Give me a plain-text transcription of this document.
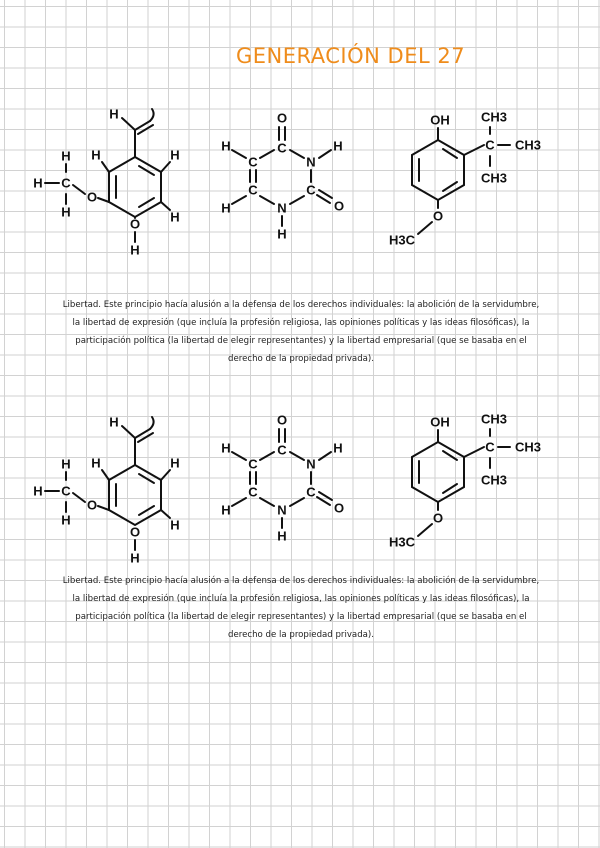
GENERACIÓN DEL 27
H
H	H
H
O
H
O
C
H
H
H
O
C
N
H
C
O
N
H
C
H
C
H
OH
C
CH3
CH3
CH3
O
H3C

Libertad. Este principio hacía alusión a la defensa de los derechos individuales: la abolición de la servidumbre, la libertad de expresión (que incluía la profesión religiosa, las opiniones políticas y las ideas filosóficas), la participación política (la libertad de elegir representantes) y la libertad empresarial (que se basaba en el derecho de la propiedad privada).

H
H	H
H
O
H
O
C
H
H
H
O
C
N
H
C
O
N
H
C
H
C
H
OH
C
CH3
CH3
CH3
O
H3C

Libertad. Este principio hacía alusión a la defensa de los derechos individuales: la abolición de la servidumbre, la libertad de expresión (que incluía la profesión religiosa, las opiniones políticas y las ideas filosóficas), la participación política (la libertad de elegir representantes) y la libertad empresarial (que se basaba en el derecho de la propiedad privada).
